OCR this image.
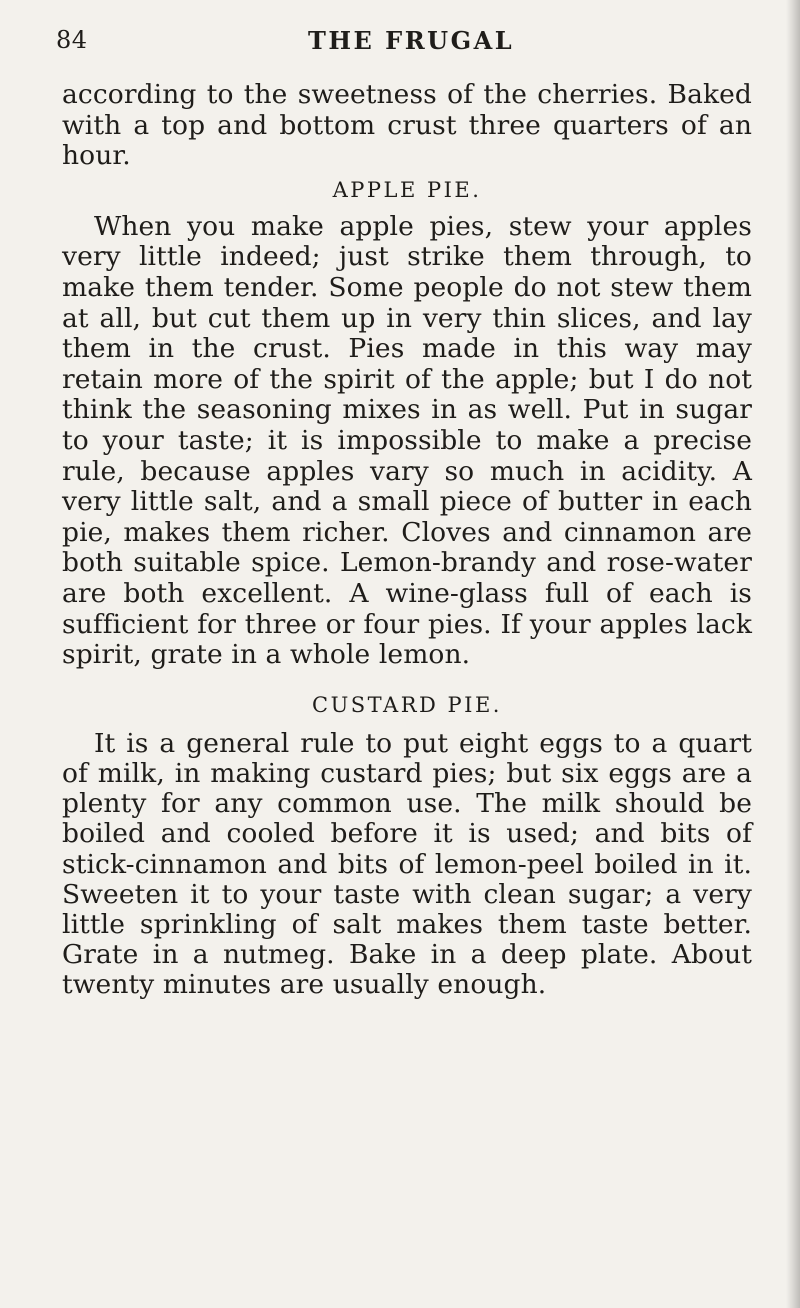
84	THE FRUGAL

according to the sweetness of the cherries. Baked with a top and bottom crust three quarters of an hour.

APPLE PIE.

When you make apple pies, stew your apples very little indeed; just strike them through, to make them tender. Some people do not stew them at all, but cut them up in very thin slices, and lay them in the crust. Pies made in this way may retain more of the spirit of the apple; but I do not think the seasoning mixes in as well. Put in sugar to your taste; it is impossible to make a precise rule, because apples vary so much in acidity. A very little salt, and a small piece of butter in each pie, makes them richer. Cloves and cinnamon are both suitable spice. Lemon-brandy and rose-water are both excellent. A wine-glass full of each is sufficient for three or four pies. If your apples lack spirit, grate in a whole lemon.

CUSTARD PIE.

It is a general rule to put eight eggs to a quart of milk, in making custard pies; but six eggs are a plenty for any common use. The milk should be boiled and cooled before it is used; and bits of stick-cinnamon and bits of lemon-peel boiled in it. Sweeten it to your taste with clean sugar; a very little sprinkling of salt makes them taste better. Grate in a nutmeg. Bake in a deep plate. About twenty minutes are usually enough.
